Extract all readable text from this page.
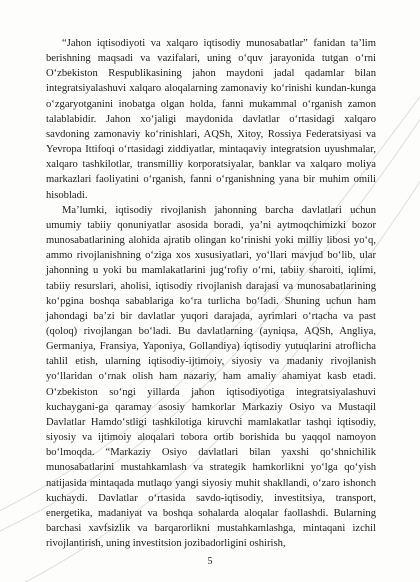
“Jahon iqtisodiyoti va xalqaro iqtisodiy munosabatlar” fanidan ta’lim berishning maqsadi va vazifalari, uning o‘quv jarayonida tutgan o‘rni O‘zbekiston Respublikasining jahon maydoni jadal qadamlar bilan integratsiyalashuvi xalqaro aloqalarning zamonaviy ko‘rinishi kundan-kunga o‘zgaryotganini inobatga olgan holda, fanni mukammal o‘rganish zamon talablabidir. Jahon xo‘jaligi maydonida davlatlar o‘rtasidagi xalqaro savdoning zamonaviy ko‘rinishlari, AQSh, Xitoy, Rossiya Federatsiyasi va Yevropa Ittifoqi o‘rtasidagi ziddiyatlar, mintaqaviy integratsion uyushmalar, xalqaro tashkilotlar, transmilliy korporatsiyalar, banklar va xalqaro moliya markazlari faoliyatini o‘rganish, fanni o‘rganishning yana bir muhim omili hisobladi.

Ma’lumki, iqtisodiy rivojlanish jahonning barcha davlatlari uchun umumiy tabiiy qonuniyatlar asosida boradi, ya’ni aytmoqchimizki bozor munosabatlarining alohida ajratib olingan ko‘rinishi yoki milliy libosi yo‘q, ammo rivojlanishning o‘ziga xos xususiyatlari, yo‘llari mavjud bo‘lib, ular jahonning u yoki bu mamlakatlarini jug‘rofiy o‘rni, tabiiy sharoiti, iqlimi, tabiiy resurslari, aholisi, iqtisodiy rivojlanish darajasi va munosabatlarining ko‘pgina boshqa sabablariga ko‘ra turlicha bo‘ladi. Shuning uchun ham jahondagi ba’zi bir davlatlar yuqori darajada, ayrimlari o‘rtacha va past (qoloq) rivojlangan bo‘ladi. Bu davlatlarning (ayniqsa, AQSh, Angliya, Germaniya, Fransiya, Yaponiya, Gollandiya) iqtisodiy yutuqlarini atroflicha tahlil etish, ularning iqtisodiy-ijtimoiy, siyosiy va madaniy rivojlanish yo‘llaridan o‘rnak olish ham nazariy, ham amaliy ahamiyat kasb etadi. O‘zbekiston so‘ngi yillarda jahon iqtisodiyotiga integratsiyalashuvi kuchaygani-ga qaramay asosiy hamkorlar Markaziy Osiyo va Mustaqil Davlatlar Hamdo‘stligi tashkilotiga kiruvchi mamlakatlar tashqi iqtisodiy, siyosiy va ijtimoiy aloqalari tobora ortib borishida bu yaqqol namoyon bo‘lmoqda. “Markaziy Osiyo davlatlari bilan yaxshi qo‘shnichilik munosabatlarini mustahkamlash va strategik hamkorlikni yo‘lga qo‘yish natijasida mintaqada mutlaqo yangi siyosiy muhit shakllandi, o‘zaro ishonch kuchaydi. Davlatlar o‘rtasida savdo-iqtisodiy, investitsiya, transport, energetika, madaniyat va boshqa sohalarda aloqalar faollashdi. Bularning barchasi xavfsizlik va barqarorlikni mustahkamlashga, mintaqani izchil rivojlantirish, uning investitsion jozibadorligini oshirish,

5
